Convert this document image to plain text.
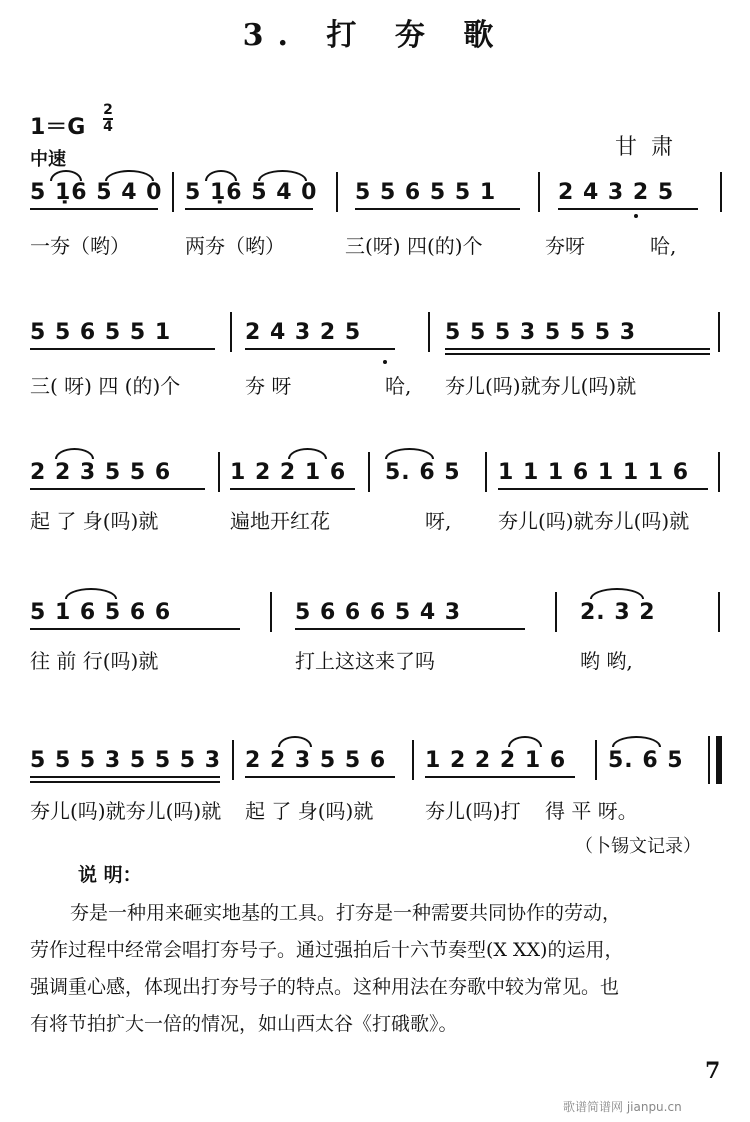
3. 打 夯 歌
1＝G
2
4
中速	甘肃
5 1̣6 5 4 0 5 1̣6 5 4 0 5 5 6 5 5 1	2 4 3 2 5
一夯（哟）	两夯（哟）	三(呀) 四(的)个	夯呀	哈,
5 5 6 5 5 1	2 4 3 2 5	5 5 5 3 5 5 5 3
三( 呀) 四 (的)个	夯 呀	哈, 夯儿(吗)就夯儿(吗)就
2 2 3 5 5 6	1 2 2 1 6 5. 6 5 1 1 1 6 1 1 1 6
起 了 身(吗)就	遍地开红花	呀, 夯儿(吗)就夯儿(吗)就
5 1 6 5 6 6	5 6 6 6 5 4 3	2. 3 2
往 前 行(吗)就	打上这这来了吗	哟 哟,
5 5 5 3 5 5 5 3 2 2 3 5 5 6 1 2 2 2 1 6 5. 6 5
夯儿(吗)就夯儿(吗)就 起 了 身(吗)就	夯儿(吗)打 得 平 呀。
（卜锡文记录）
说 明：
夯是一种用来砸实地基的工具。打夯是一种需要共同协作的劳动，
劳作过程中经常会唱打夯号子。通过强拍后十六节奏型(X XX)的运用，
强调重心感，体现出打夯号子的特点。这种用法在夯歌中较为常见。也
有将节拍扩大一倍的情况，如山西太谷《打硪歌》。
7
歌谱简谱网 jianpu.cn
